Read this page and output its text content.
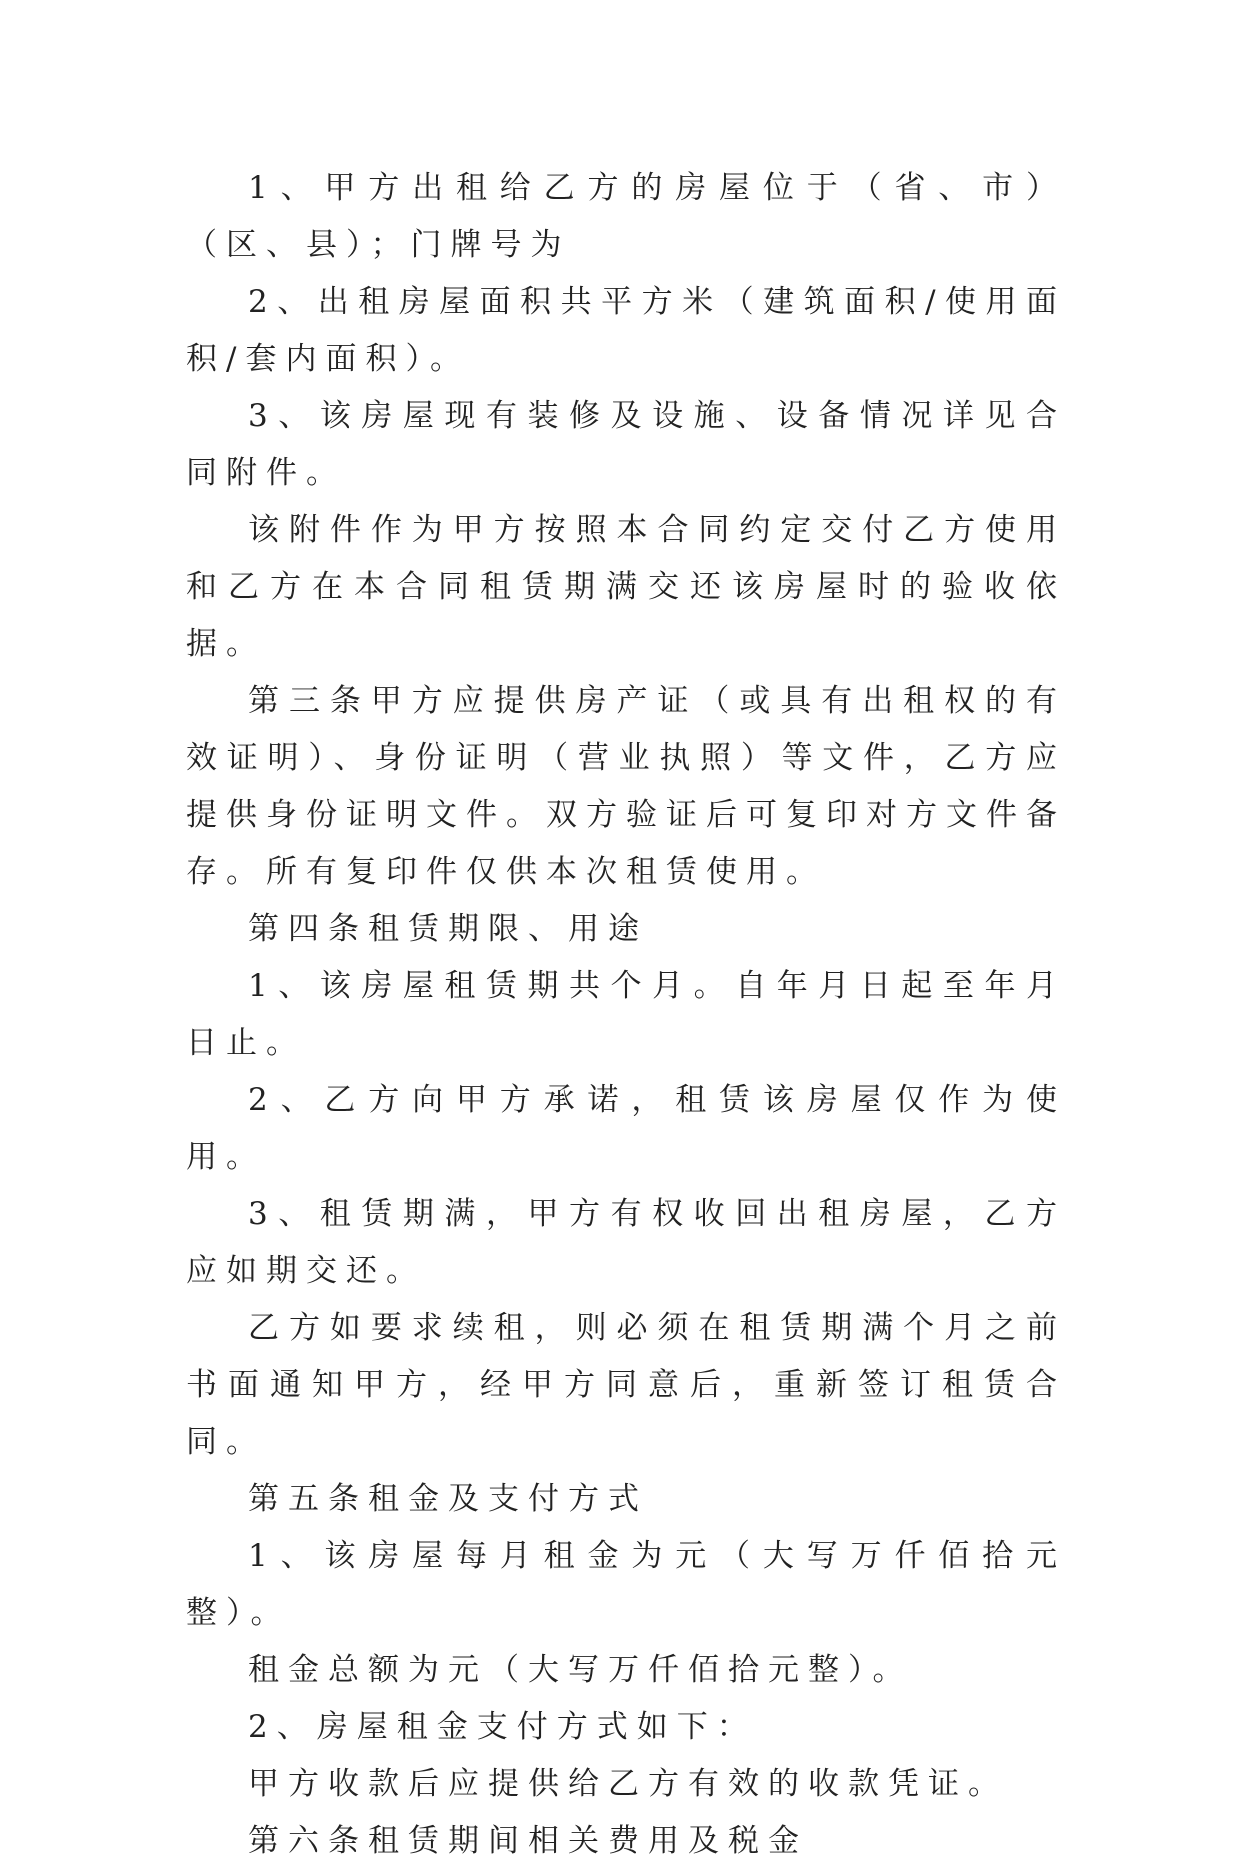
1、甲方出租给乙方的房屋位于（省、市）（区、县）；门牌号为

2、出租房屋面积共平方米（建筑面积/使用面积/套内面积）。

3、该房屋现有装修及设施、设备情况详见合同附件。

该附件作为甲方按照本合同约定交付乙方使用和乙方在本合同租赁期满交还该房屋时的验收依据。

第三条甲方应提供房产证（或具有出租权的有效证明）、身份证明（营业执照）等文件，乙方应提供身份证明文件。双方验证后可复印对方文件备存。所有复印件仅供本次租赁使用。

第四条租赁期限、用途

1、该房屋租赁期共个月。自年月日起至年月日止。

2、乙方向甲方承诺，租赁该房屋仅作为使用。

3、租赁期满，甲方有权收回出租房屋，乙方应如期交还。

乙方如要求续租，则必须在租赁期满个月之前书面通知甲方，经甲方同意后，重新签订租赁合同。

第五条租金及支付方式

1、该房屋每月租金为元（大写万仟佰拾元整）。

租金总额为元（大写万仟佰拾元整）。

2、房屋租金支付方式如下：

甲方收款后应提供给乙方有效的收款凭证。

第六条租赁期间相关费用及税金
